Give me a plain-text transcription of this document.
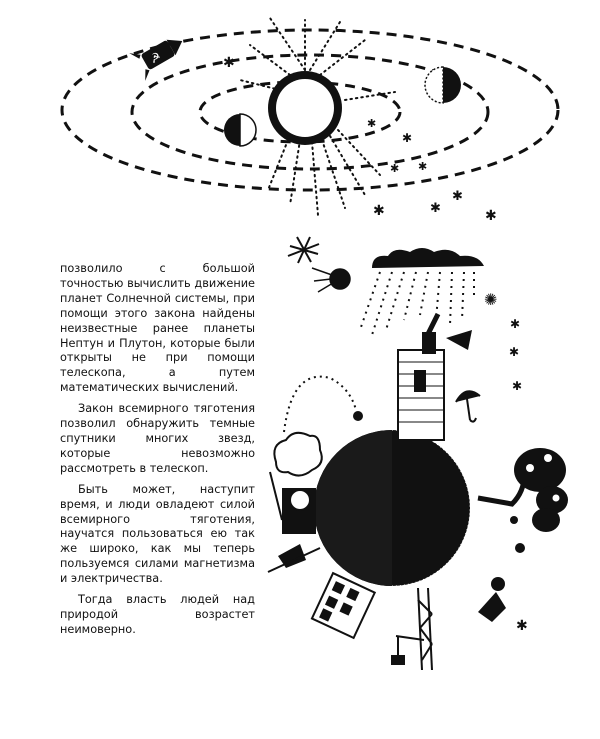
☭	✱
✱
✱
✱
✱
✱	✱
✱
✱
✱
✱
✱
✱
✺

позволило с большой точностью вычислить движение планет Солнечной системы, при помощи этого закона найдены неизвестные ранее планеты Нептун и Плутон, которые были открыты не при помощи телескопа, а путем математических вычислений.

Закон всемирного тяготения позволил обнаружить темные спутники многих звезд, которые невозможно рассмотреть в телескоп.

Быть может, наступит время, и люди овладеют силой всемирного тяготения, научатся пользоваться ею так же широко, как мы теперь пользуемся силами магнетизма и электричества.

Тогда власть людей над природой возрастет неимоверно.
